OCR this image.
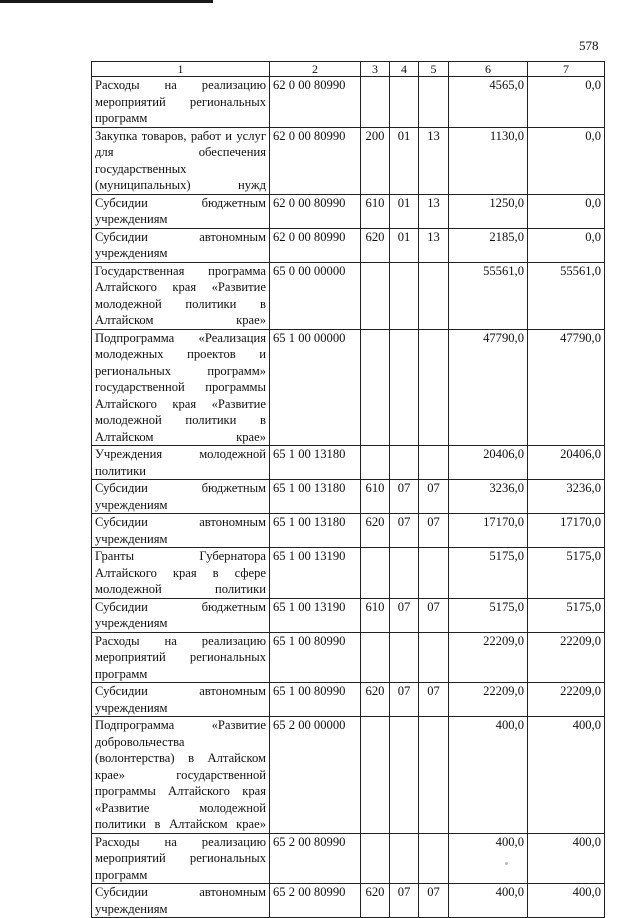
578
1	2	3	4	5	6	7
Расходы на реализацию мероприятий региональных программ	62 0 00 80990				4565,0	0,0
Закупка товаров, работ и услуг для обеспечения государственных (муниципальных) нужд	62 0 00 80990	200	01	13	1130,0	0,0
Субсидии бюджетным учреждениям	62 0 00 80990	610	01	13	1250,0	0,0
Субсидии автономным учреждениям	62 0 00 80990	620	01	13	2185,0	0,0
Государственная программа Алтайского края «Развитие молодежной политики в Алтайском крае»	65 0 00 00000				55561,0	55561,0
Подпрограмма «Реализация молодежных проектов и региональных программ» государственной программы Алтайского края «Развитие молодежной политики в Алтайском крае»	65 1 00 00000				47790,0	47790,0
Учреждения молодежной политики	65 1 00 13180				20406,0	20406,0
Субсидии бюджетным учреждениям	65 1 00 13180	610	07	07	3236,0	3236,0
Субсидии автономным учреждениям	65 1 00 13180	620	07	07	17170,0	17170,0
Гранты Губернатора Алтайского края в сфере молодежной политики	65 1 00 13190				5175,0	5175,0
Субсидии бюджетным учреждениям	65 1 00 13190	610	07	07	5175,0	5175,0
Расходы на реализацию мероприятий региональных программ	65 1 00 80990				22209,0	22209,0
Субсидии автономным учреждениям	65 1 00 80990	620	07	07	22209,0	22209,0
Подпрограмма «Развитие добровольчества (волонтерства) в Алтайском крае» государственной программы Алтайского края «Развитие молодежной политики в Алтайском крае»	65 2 00 00000				400,0	400,0
Расходы на реализацию мероприятий региональных программ	65 2 00 80990				400,0	400,0
Субсидии автономным учреждениям	65 2 00 80990	620	07	07	400,0	400,0
